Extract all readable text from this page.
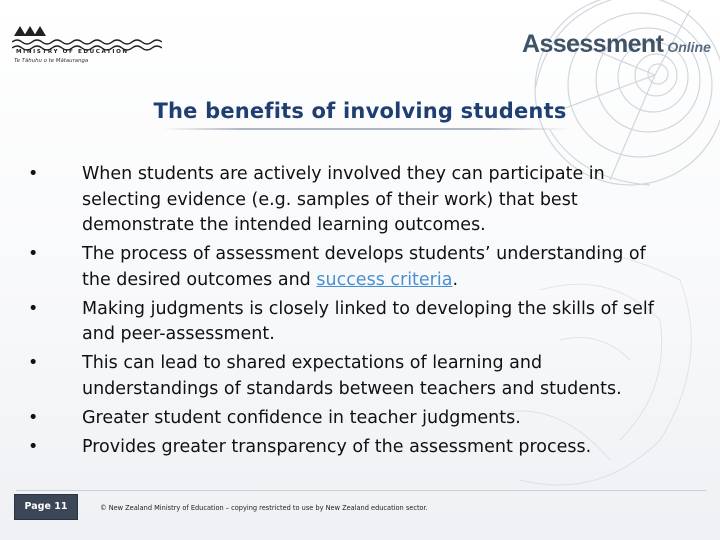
MINISTRY OF EDUCATION
Te Tāhuhu o te Mātauranga
Assessment Online
The benefits of involving students
• When students are actively involved they can participate in selecting evidence (e.g. samples of their work) that best demonstrate the intended learning outcomes.
• The process of assessment develops students’ understanding of the desired outcomes and success criteria.
• Making judgments is closely linked to developing the skills of self and peer-assessment.
• This can lead to shared expectations of learning and understandings of standards between teachers and students.
• Greater student confidence in teacher judgments.
• Provides greater transparency of the assessment process.
Page 11	© New Zealand Ministry of Education – copying restricted to use by New Zealand education sector.
